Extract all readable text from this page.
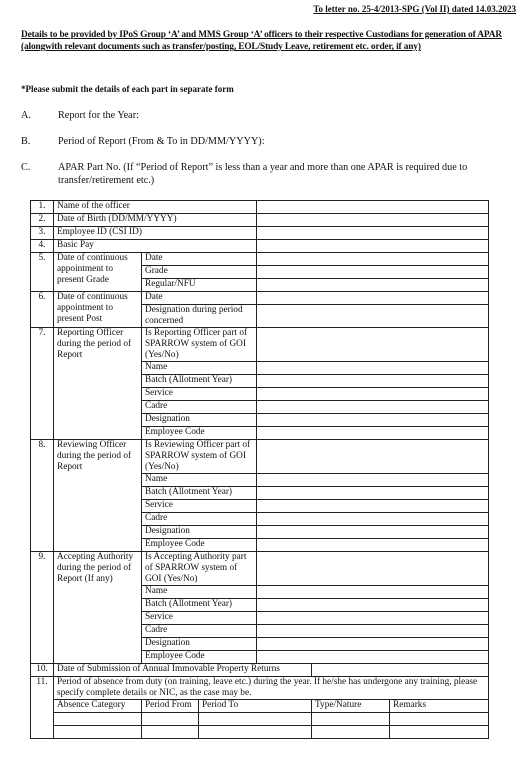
To letter no. 25-4/2013-SPG (Vol II) dated 14.03.2023
Details to be provided by IPoS Group ‘A’ and MMS Group ‘A’ officers to their respective Custodians for generation of APAR (alongwith relevant documents such as transfer/posting, EOL/Study Leave, retirement etc. order, if any)
*Please submit the details of each part in separate form
A.	Report for the Year:
B.	Period of Report (From & To in DD/MM/YYYY):
C.	APAR Part No. (If “Period of Report” is less than a year and more than one APAR is required due to transfer/retirement etc.)
1.	Name of the officer					
2.	Date of Birth (DD/MM/YYYY)					
3.	Employee ID (CSI ID)					
4.	Basic Pay					
5.	Date of continuous appointment to present Grade	Date				
		Grade				
		Regular/NFU				
6.	Date of continuous appointment to present Post	Date				
		Designation during period concerned				
7.	Reporting Officer during the period of Report	Is Reporting Officer part of SPARROW system of GOI (Yes/No)				
		Name				
		Batch (Allotment Year)				
		Service				
		Cadre				
		Designation				
		Employee Code				
8.	Reviewing Officer during the period of Report	Is Reviewing Officer part of SPARROW system of GOI (Yes/No)				
		Name				
		Batch (Allotment Year)				
		Service				
		Cadre				
		Designation				
		Employee Code				
9.	Accepting Authority during the period of Report (If any)	Is Accepting Authority part of SPARROW system of GOI (Yes/No)				
		Name				
		Batch (Allotment Year)				
		Service				
		Cadre				
		Designation				
		Employee Code				
10.	Date of Submission of Annual Immovable Property Returns					
11.	Period of absence from duty (on training, leave etc.) during the year. If he/she has undergone any training, please specify complete details or NIC, as the case may be.					
	Absence Category	Period From	Period To		Type/Nature	Remarks
